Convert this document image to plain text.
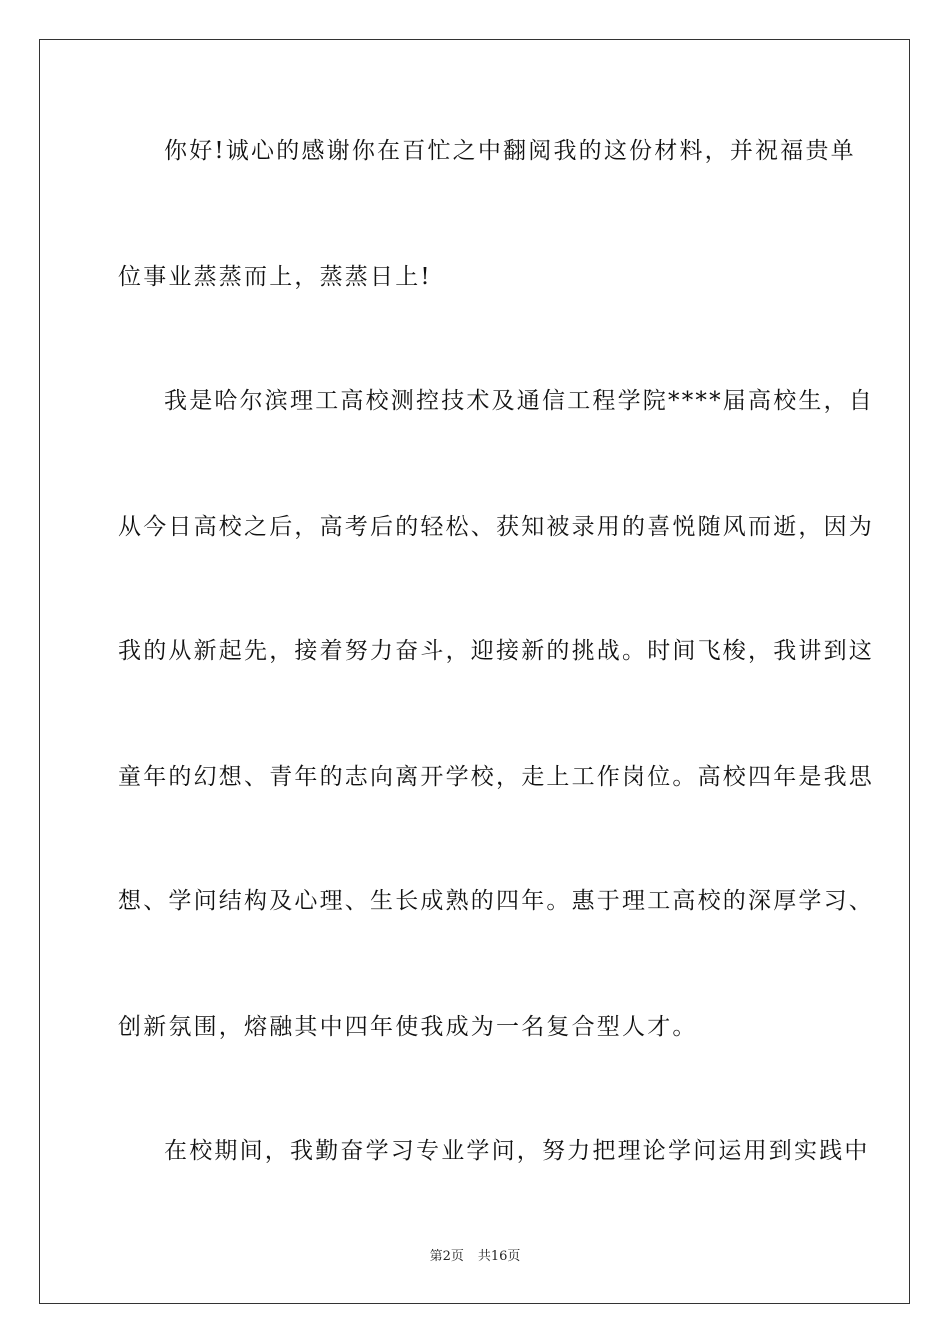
你好!诚心的感谢你在百忙之中翻阅我的这份材料，并祝福贵单
位事业蒸蒸而上，蒸蒸日上!
我是哈尔滨理工高校测控技术及通信工程学院****届高校生，自
从今日高校之后，高考后的轻松、获知被录用的喜悦随风而逝，因为
我的从新起先，接着努力奋斗，迎接新的挑战。时间飞梭，我讲到这
童年的幻想、青年的志向离开学校，走上工作岗位。高校四年是我思
想、学问结构及心理、生长成熟的四年。惠于理工高校的深厚学习、
创新氛围，熔融其中四年使我成为一名复合型人才。
在校期间，我勤奋学习专业学问，努力把理论学问运用到实践中
第2页 共16页
